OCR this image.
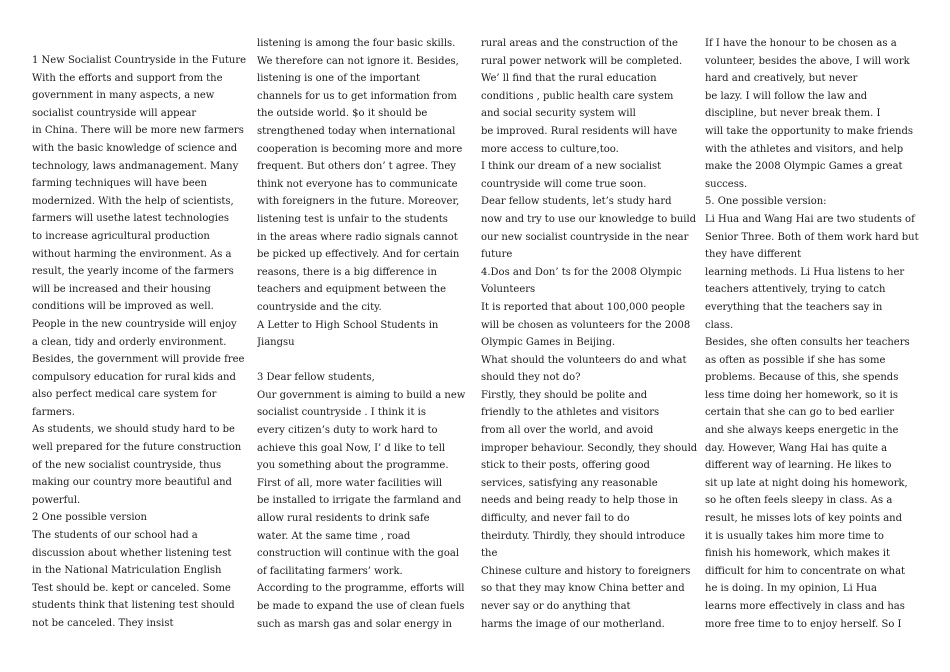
1 New Socialist Countryside in the Future
With the efforts and support from the
government in many aspects, a new
socialist countryside will appear
in China. There will be more new farmers
with the basic knowledge of science and
technology, laws andmanagement. Many
farming techniques will have been
modernized. With the help of scientists,
farmers will usethe latest technologies
to increase agricultural production
without harming the environment. As a
result, the yearly income of the farmers
will be increased and their housing
conditions will be improved as well.
People in the new countryside will enjoy
a clean, tidy and orderly environment.
Besides, the government will provide free
compulsory education for rural kids and
also perfect medical care system for
farmers.
As students, we should study hard to be
well prepared for the future construction
of the new socialist countryside, thus
making our country more beautiful and
powerful.
2 One possible version
The students of our school had a
discussion about whether listening test
in the National Matriculation English
Test should be. kept or canceled. Some
students think that listening test should
not be canceled. They insist
listening is among the four basic skills.
We therefore can not ignore it. Besides,
listening is one of the important
channels for us to get information from
the outside world. $o it should be
strengthened today when international
cooperation is becoming more and more
frequent. But others don’ t agree. They
think not everyone has to communicate
with foreigners in the future. Moreover,
listening test is unfair to the students
in the areas where radio signals cannot
be picked up effectively. And for certain
reasons, there is a big difference in
teachers and equipment between the
countryside and the city.
A Letter to High School Students in
Jiangsu
3 Dear fellow students,
Our government is aiming to build a new
socialist countryside . I think it is
every citizen’s duty to work hard to
achieve this goal Now, I’ d like to tell
you something about the programme.
First of all, more water facilities will
be installed to irrigate the farmland and
allow rural residents to drink safe
water. At the same time , road
construction will continue with the goal
of facilitating farmers’ work.
According to the programme, efforts will
be made to expand the use of clean fuels
such as marsh gas and solar energy in
rural areas and the construction of the
rural power network will be completed.
We’ ll find that the rural education
conditions , public health care system
and social security system will
be improved. Rural residents will have
more access to culture,too.
I think our dream of a new socialist
countryside will come true soon.
Dear fellow students, let’s study hard
now and try to use our knowledge to build
our new socialist countryside in the near
future
4.Dos and Don’ ts for the 2008 Olympic
Volunteers
It is reported that about 100,000 people
will be chosen as volunteers for the 2008
Olympic Games in Beijing.
What should the volunteers do and what
should they not do?
Firstly, they should be polite and
friendly to the athletes and visitors
from all over the world, and avoid
improper behaviour. Secondly, they should
stick to their posts, offering good
services, satisfying any reasonable
needs and being ready to help those in
difficulty, and never fail to do
theirduty. Thirdly, they should introduce
the
Chinese culture and history to foreigners
so that they may know China better and
never say or do anything that
harms the image of our motherland.
If I have the honour to be chosen as a
volunteer, besides the above, I will work
hard and creatively, but never
be lazy. I will follow the law and
discipline, but never break them. I
will take the opportunity to make friends
with the athletes and visitors, and help
make the 2008 Olympic Games a great
success.
5. One possible version:
Li Hua and Wang Hai are two students of
Senior Three. Both of them work hard but
they have different
learning methods. Li Hua listens to her
teachers attentively, trying to catch
everything that the teachers say in
class.
Besides, she often consults her teachers
as often as possible if she has some
problems. Because of this, she spends
less time doing her homework, so it is
certain that she can go to bed earlier
and she always keeps energetic in the
day. However, Wang Hai has quite a
different way of learning. He likes to
sit up late at night doing his homework,
so he often feels sleepy in class. As a
result, he misses lots of key points and
it is usually takes him more time to
finish his homework, which makes it
difficult for him to concentrate on what
he is doing. In my opinion, Li Hua
learns more effectively in class and has
more free time to to enjoy herself. So I
